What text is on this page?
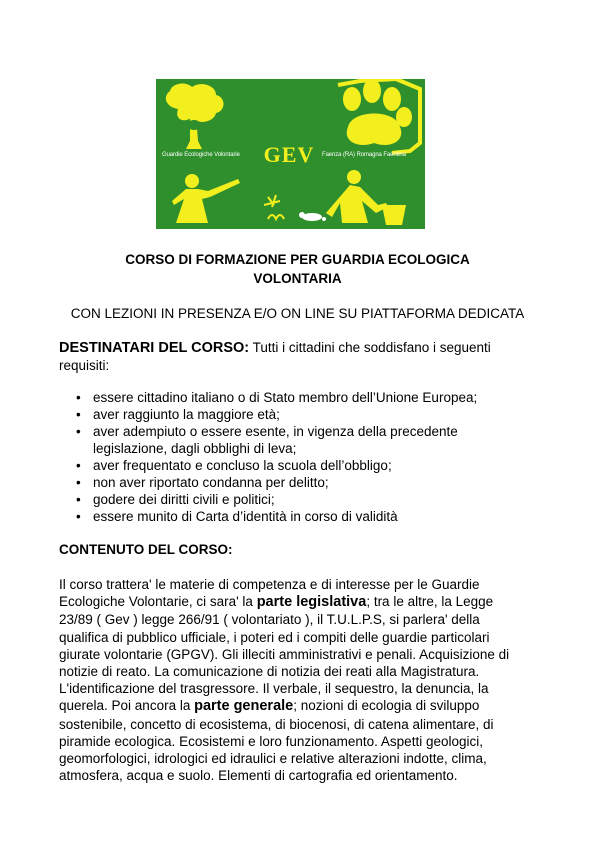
Guardie Ecologiche Volontarie	GEV	Faenza (RA) Romagna Faentina
CORSO DI FORMAZIONE PER GUARDIA ECOLOGICA
VOLONTARIA
CON LEZIONI IN PRESENZA E/O ON LINE SU PIATTAFORMA DEDICATA
DESTINATARI DEL CORSO: Tutti i cittadini che soddisfano i seguenti
requisiti:
• essere cittadino italiano o di Stato membro dell’Unione Europea;
• aver raggiunto la maggiore età;
• aver adempiuto o essere esente, in vigenza della precedente
legislazione, dagli obblighi di leva;
• aver frequentato e concluso la scuola dell’obbligo;
• non aver riportato condanna per delitto;
• godere dei diritti civili e politici;
• essere munito di Carta d’identità in corso di validità
CONTENUTO DEL CORSO:
Il corso trattera' le materie di competenza e di interesse per le Guardie
Ecologiche Volontarie, ci sara' la parte legislativa; tra le altre, la Legge
23/89 ( Gev ) legge 266/91 ( volontariato ), il T.U.L.P.S, si parlera' della
qualifica di pubblico ufficiale, i poteri ed i compiti delle guardie particolari
giurate volontarie (GPGV). Gli illeciti amministrativi e penali. Acquisizione di
notizie di reato. La comunicazione di notizia dei reati alla Magistratura.
L'identificazione del trasgressore. Il verbale, il sequestro, la denuncia, la
querela. Poi ancora la parte generale; nozioni di ecologia di sviluppo
sostenibile, concetto di ecosistema, di biocenosi, di catena alimentare, di
piramide ecologica. Ecosistemi e loro funzionamento. Aspetti geologici,
geomorfologici, idrologici ed idraulici e relative alterazioni indotte, clima,
atmosfera, acqua e suolo. Elementi di cartografia ed orientamento.
